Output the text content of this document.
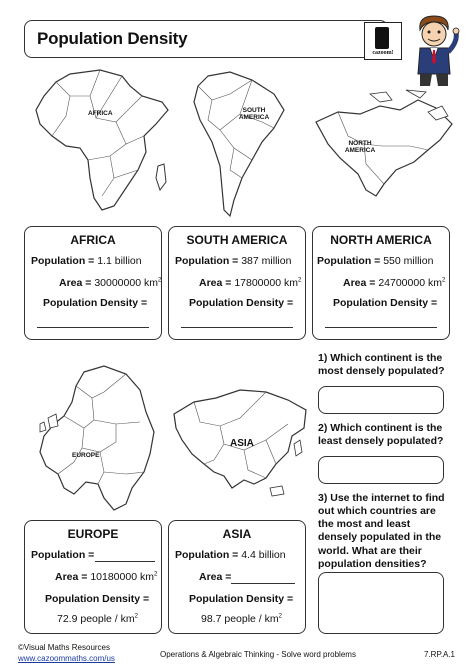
Population Density
cazoom!
AFRICA	SOUTH AMERICA
NORTH AMERICA
AFRICA
Population = 1.1 billion
Area = 30000000 $km^2$
Population Density =
SOUTH AMERICA
Population = 387 million
Area = 17800000 $km^2$
Population Density =
NORTH AMERICA
Population = 550 million
Area = 24700000 $km^2$
Population Density =
EUROPE
ASIA
EUROPE
Population =
Area = 10180000 $km^2$
Population Density =
72.9 people / $km^2$
ASIA
Population = 4.4 billion
Area =
Population Density =
98.7 people / $km^2$
1) Which continent is the most densely populated?
2) Which continent is the least densely populated?
3) Use the internet to find out which countries are the most and least densely populated in the world. What are their population densities?
©Visual Maths Resources
www.cazoommaths.com/us	Operations & Algebraic Thinking - Solve word problems	7.RP.A.1
